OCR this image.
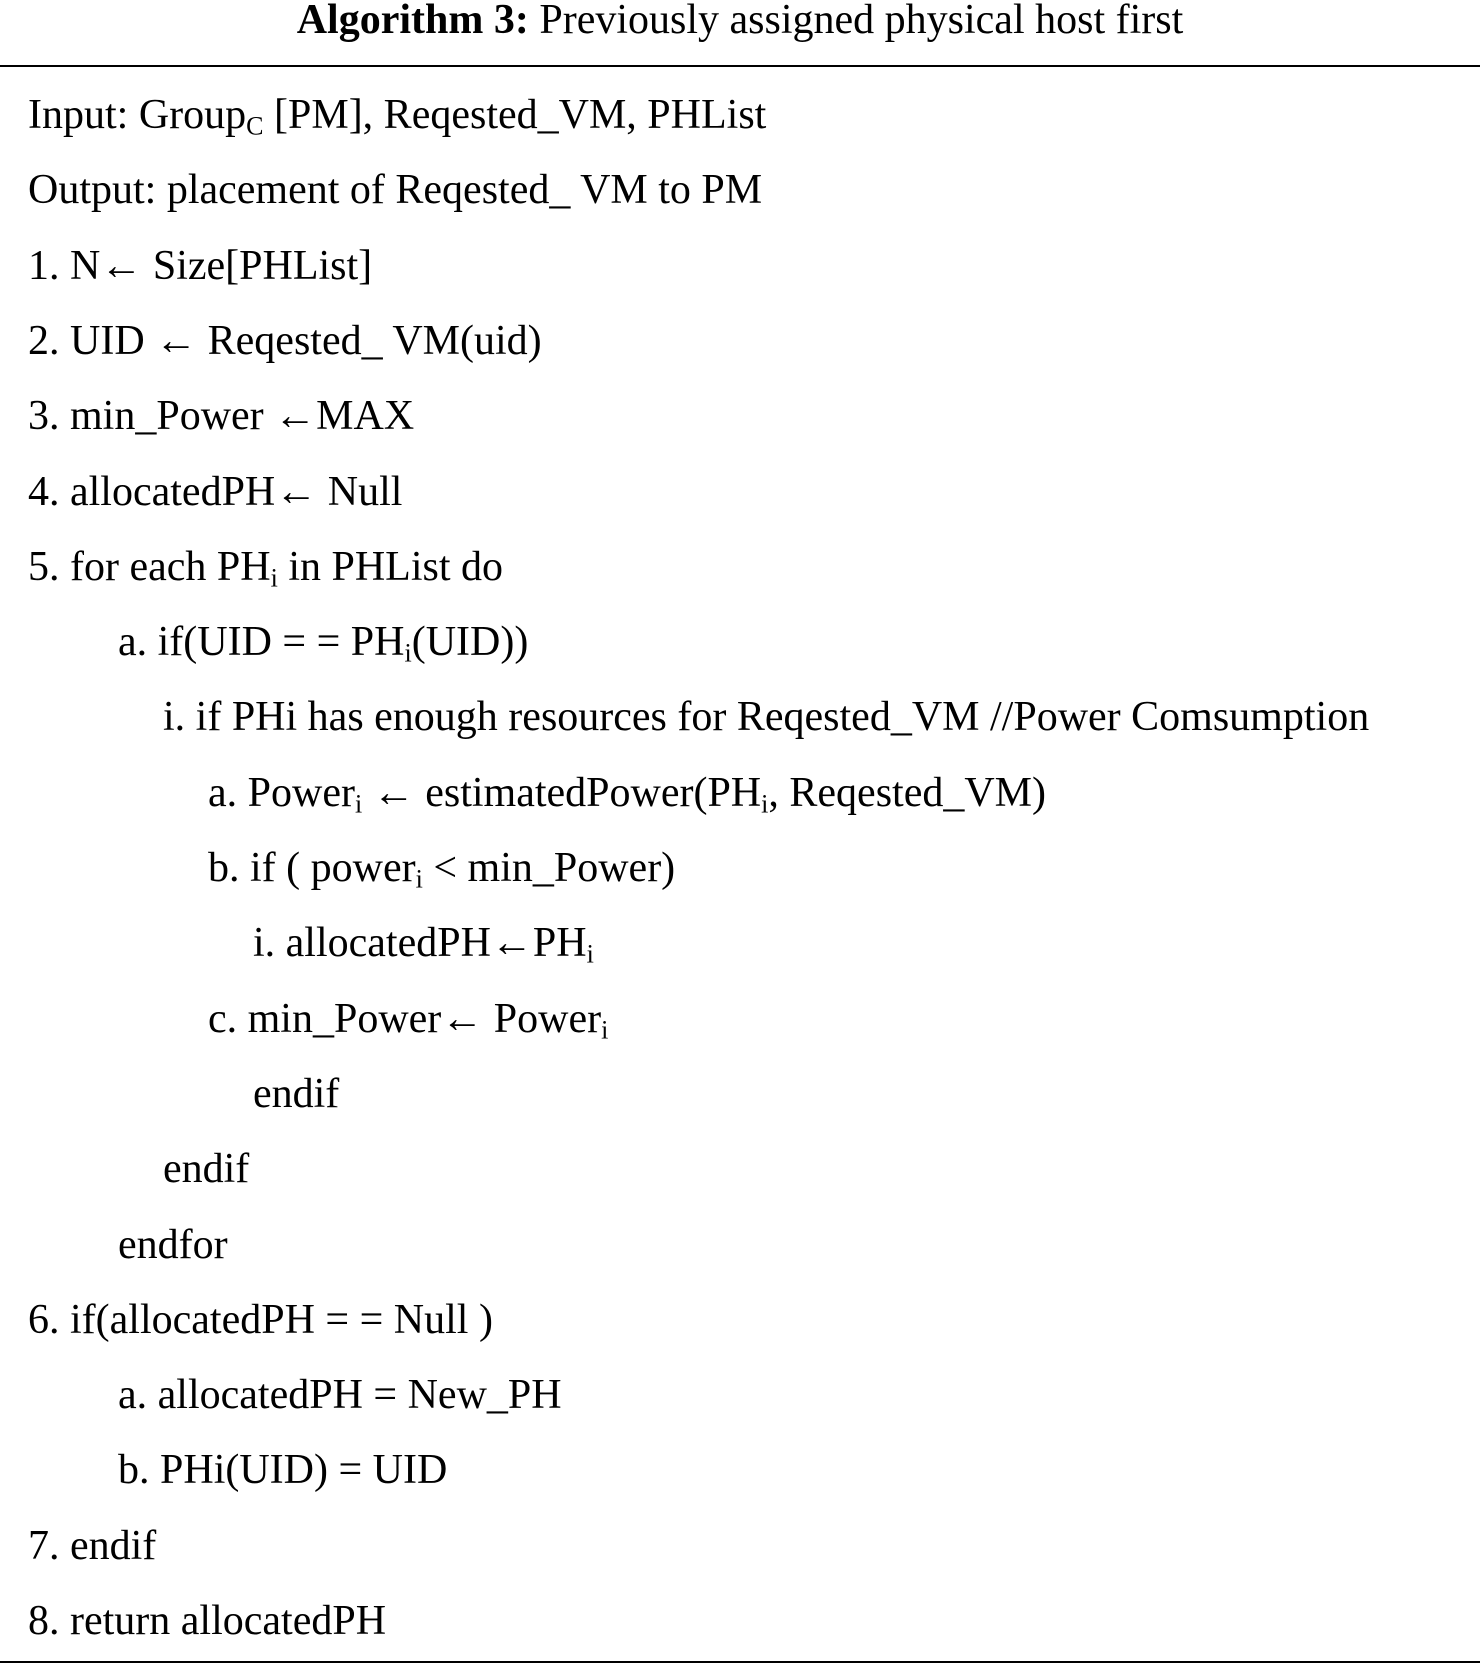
Algorithm 3: Previously assigned physical host first
Input: Group$_C$ [PM], Reqested_VM, PHList
Output: placement of Reqested_ VM to PM
1. N← Size[PHList]
2. UID ← Reqested_ VM(uid)
3. min_Power ←MAX
4. allocatedPH← Null
5. for each $PH_i$ in PHList do
a. if(UID = = $PH_i(UID)$)
i. if PHi has enough resources for Reqested_VM //Power Comsumption
a. Power$_i$ ← $estimatedPower(PH_i$, Reqested_VM)
b. if ( power$_i$ < min_Power)
i. $allocatedPH\leftarrow PH_i$
c. min_Power← Power$_i$
endif
endif
endfor
6. if(allocatedPH = = Null )
a. allocatedPH = New_PH
b. PHi(UID) = UID
7. endif
8. return allocatedPH
